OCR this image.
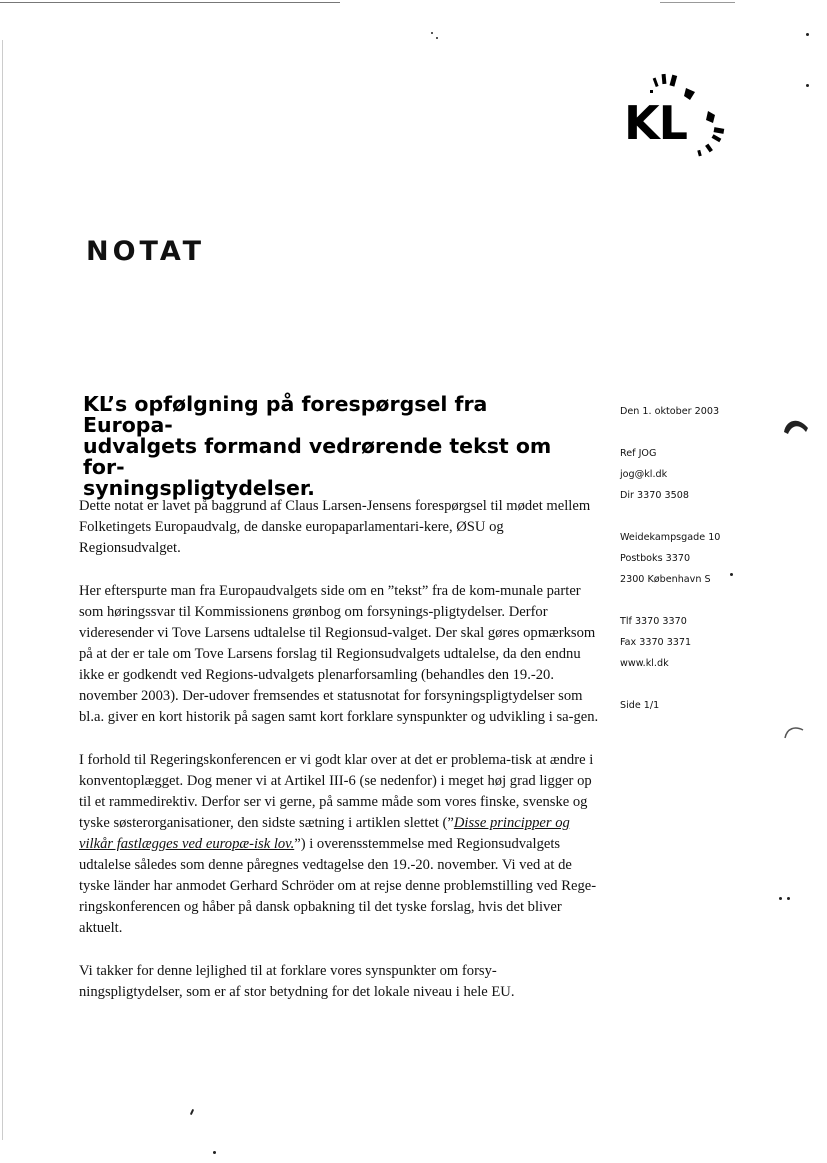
KL
NOTAT
KL’s opfølgning på forespørgsel fra Europa-
udvalgets formand vedrørende tekst om for-
syningspligtydelser.
Den 1. oktober 2003
Ref JOG
jog@kl.dk
Dir 3370 3508
Weidekampsgade 10
Postboks 3370
2300 København S
Tlf 3370 3370
Fax 3370 3371
www.kl.dk
Side 1/1

Dette notat er lavet på baggrund af Claus Larsen-Jensens forespørgsel til mødet mellem Folketingets Europaudvalg, de danske europaparlamentari-kere, ØSU og Regionsudvalget.

Her efterspurte man fra Europaudvalgets side om en ”tekst” fra de kom-munale parter som høringssvar til Kommissionens grønbog om forsynings-pligtydelser. Derfor videresender vi Tove Larsens udtalelse til Regionsud-valget. Der skal gøres opmærksom på at der er tale om Tove Larsens forslag til Regionsudvalgets udtalelse, da den endnu ikke er godkendt ved Regions-udvalgets plenarforsamling (behandles den 19.-20. november 2003). Der-udover fremsendes et statusnotat for forsyningspligtydelser som bl.a. giver en kort historik på sagen samt kort forklare synspunkter og udvikling i sa-gen.

I forhold til Regeringskonferencen er vi godt klar over at det er problema-tisk at ændre i konventoplægget. Dog mener vi at Artikel III-6 (se nedenfor) i meget høj grad ligger op til et rammedirektiv. Derfor ser vi gerne, på samme måde som vores finske, svenske og tyske søsterorganisationer, den sidste sætning i artiklen slettet (”Disse principper og vilkår fastlægges ved europæ-isk lov.”) i overensstemmelse med Regionsudvalgets udtalelse således som denne påregnes vedtagelse den 19.-20. november. Vi ved at de tyske länder har anmodet Gerhard Schröder om at rejse denne problemstilling ved Rege-ringskonferencen og håber på dansk opbakning til det tyske forslag, hvis det bliver aktuelt.

Vi takker for denne lejlighed til at forklare vores synspunkter om forsy-ningspligtydelser, som er af stor betydning for det lokale niveau i hele EU.
